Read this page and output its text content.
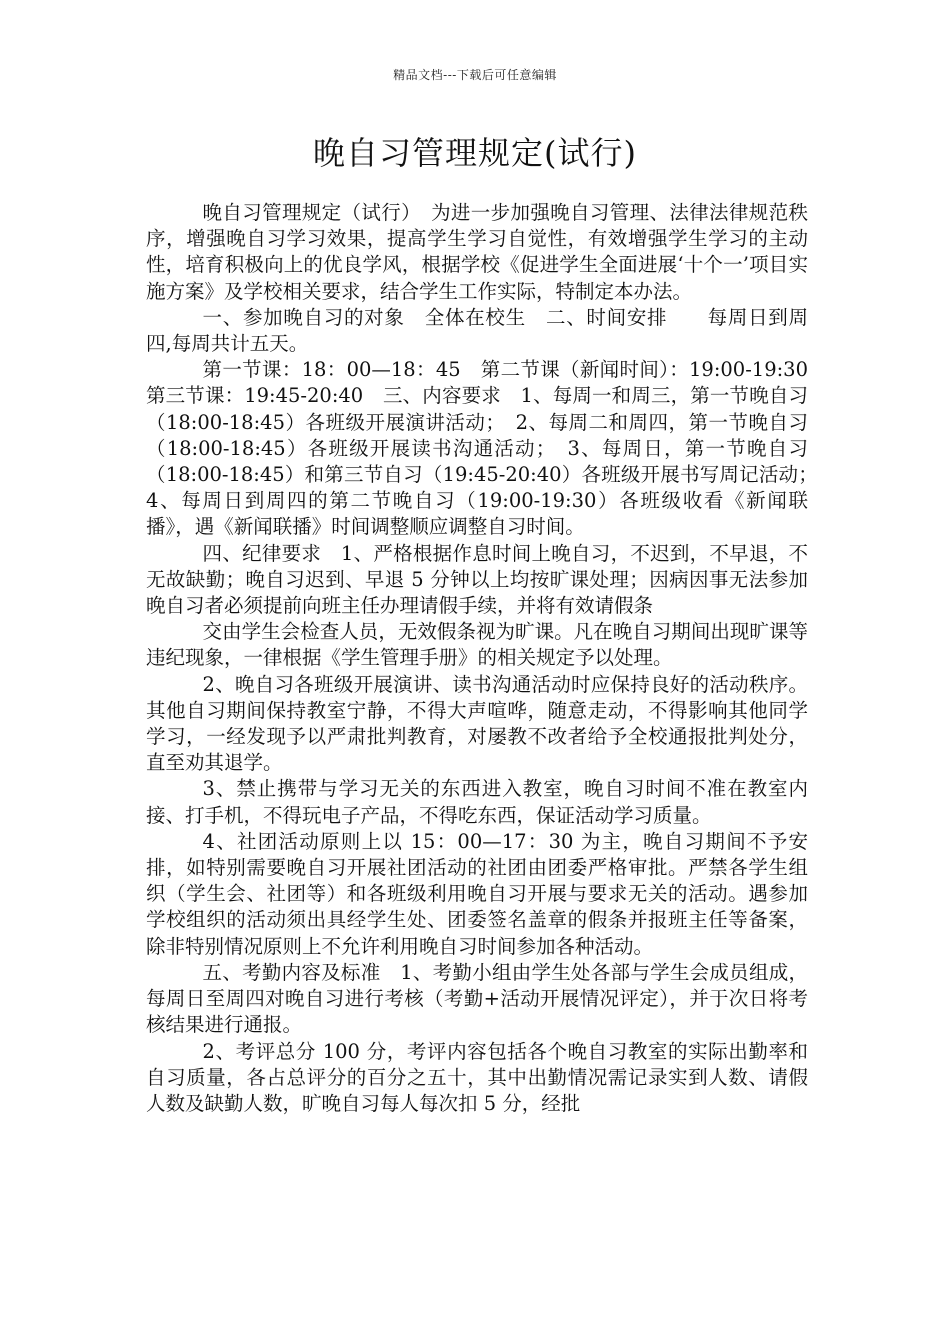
精品文档---下载后可任意编辑
晚自习管理规定(试行)

晚自习管理规定（试行）　为进一步加强晚自习管理、法律法律规范秩序，增强晚自习学习效果，提高学生学习自觉性，有效增强学生学习的主动性，培育积极向上的优良学风，根据学校《促进学生全面进展‘十个一’项目实施方案》及学校相关要求，结合学生工作实际，特制定本办法。

一、参加晚自习的对象　全体在校生　二、时间安排　　每周日到周四,每周共计五天。

第一节课：18：00—18：45　第二节课（新闻时间）：19:00-19:30　第三节课：19:45-20:40　三、内容要求　1、每周一和周三，第一节晚自习（18:00-18:45）各班级开展演讲活动；　2、每周二和周四，第一节晚自习（18:00-18:45）各班级开展读书沟通活动；　3、每周日，第一节晚自习（18:00-18:45）和第三节自习（19:45-20:40）各班级开展书写周记活动；　4、每周日到周四的第二节晚自习（19:00-19:30）各班级收看《新闻联播》，遇《新闻联播》时间调整顺应调整自习时间。

四、纪律要求　1、严格根据作息时间上晚自习，不迟到，不早退，不无故缺勤；晚自习迟到、早退 5 分钟以上均按旷课处理；因病因事无法参加晚自习者必须提前向班主任办理请假手续，并将有效请假条

交由学生会检查人员，无效假条视为旷课。凡在晚自习期间出现旷课等违纪现象，一律根据《学生管理手册》的相关规定予以处理。

2、晚自习各班级开展演讲、读书沟通活动时应保持良好的活动秩序。其他自习期间保持教室宁静，不得大声喧哗，随意走动，不得影响其他同学学习，一经发现予以严肃批判教育，对屡教不改者给予全校通报批判处分，直至劝其退学。

3、禁止携带与学习无关的东西进入教室，晚自习时间不准在教室内接、打手机，不得玩电子产品，不得吃东西，保证活动学习质量。

4、社团活动原则上以 15：00—17：30 为主，晚自习期间不予安排，如特别需要晚自习开展社团活动的社团由团委严格审批。严禁各学生组织（学生会、社团等）和各班级利用晚自习开展与要求无关的活动。遇参加学校组织的活动须出具经学生处、团委签名盖章的假条并报班主任等备案，除非特别情况原则上不允许利用晚自习时间参加各种活动。

五、考勤内容及标准　1、考勤小组由学生处各部与学生会成员组成，每周日至周四对晚自习进行考核（考勤+活动开展情况评定），并于次日将考核结果进行通报。

2、考评总分 100 分，考评内容包括各个晚自习教室的实际出勤率和自习质量，各占总评分的百分之五十，其中出勤情况需记录实到人数、请假人数及缺勤人数，旷晚自习每人每次扣 5 分，经批
